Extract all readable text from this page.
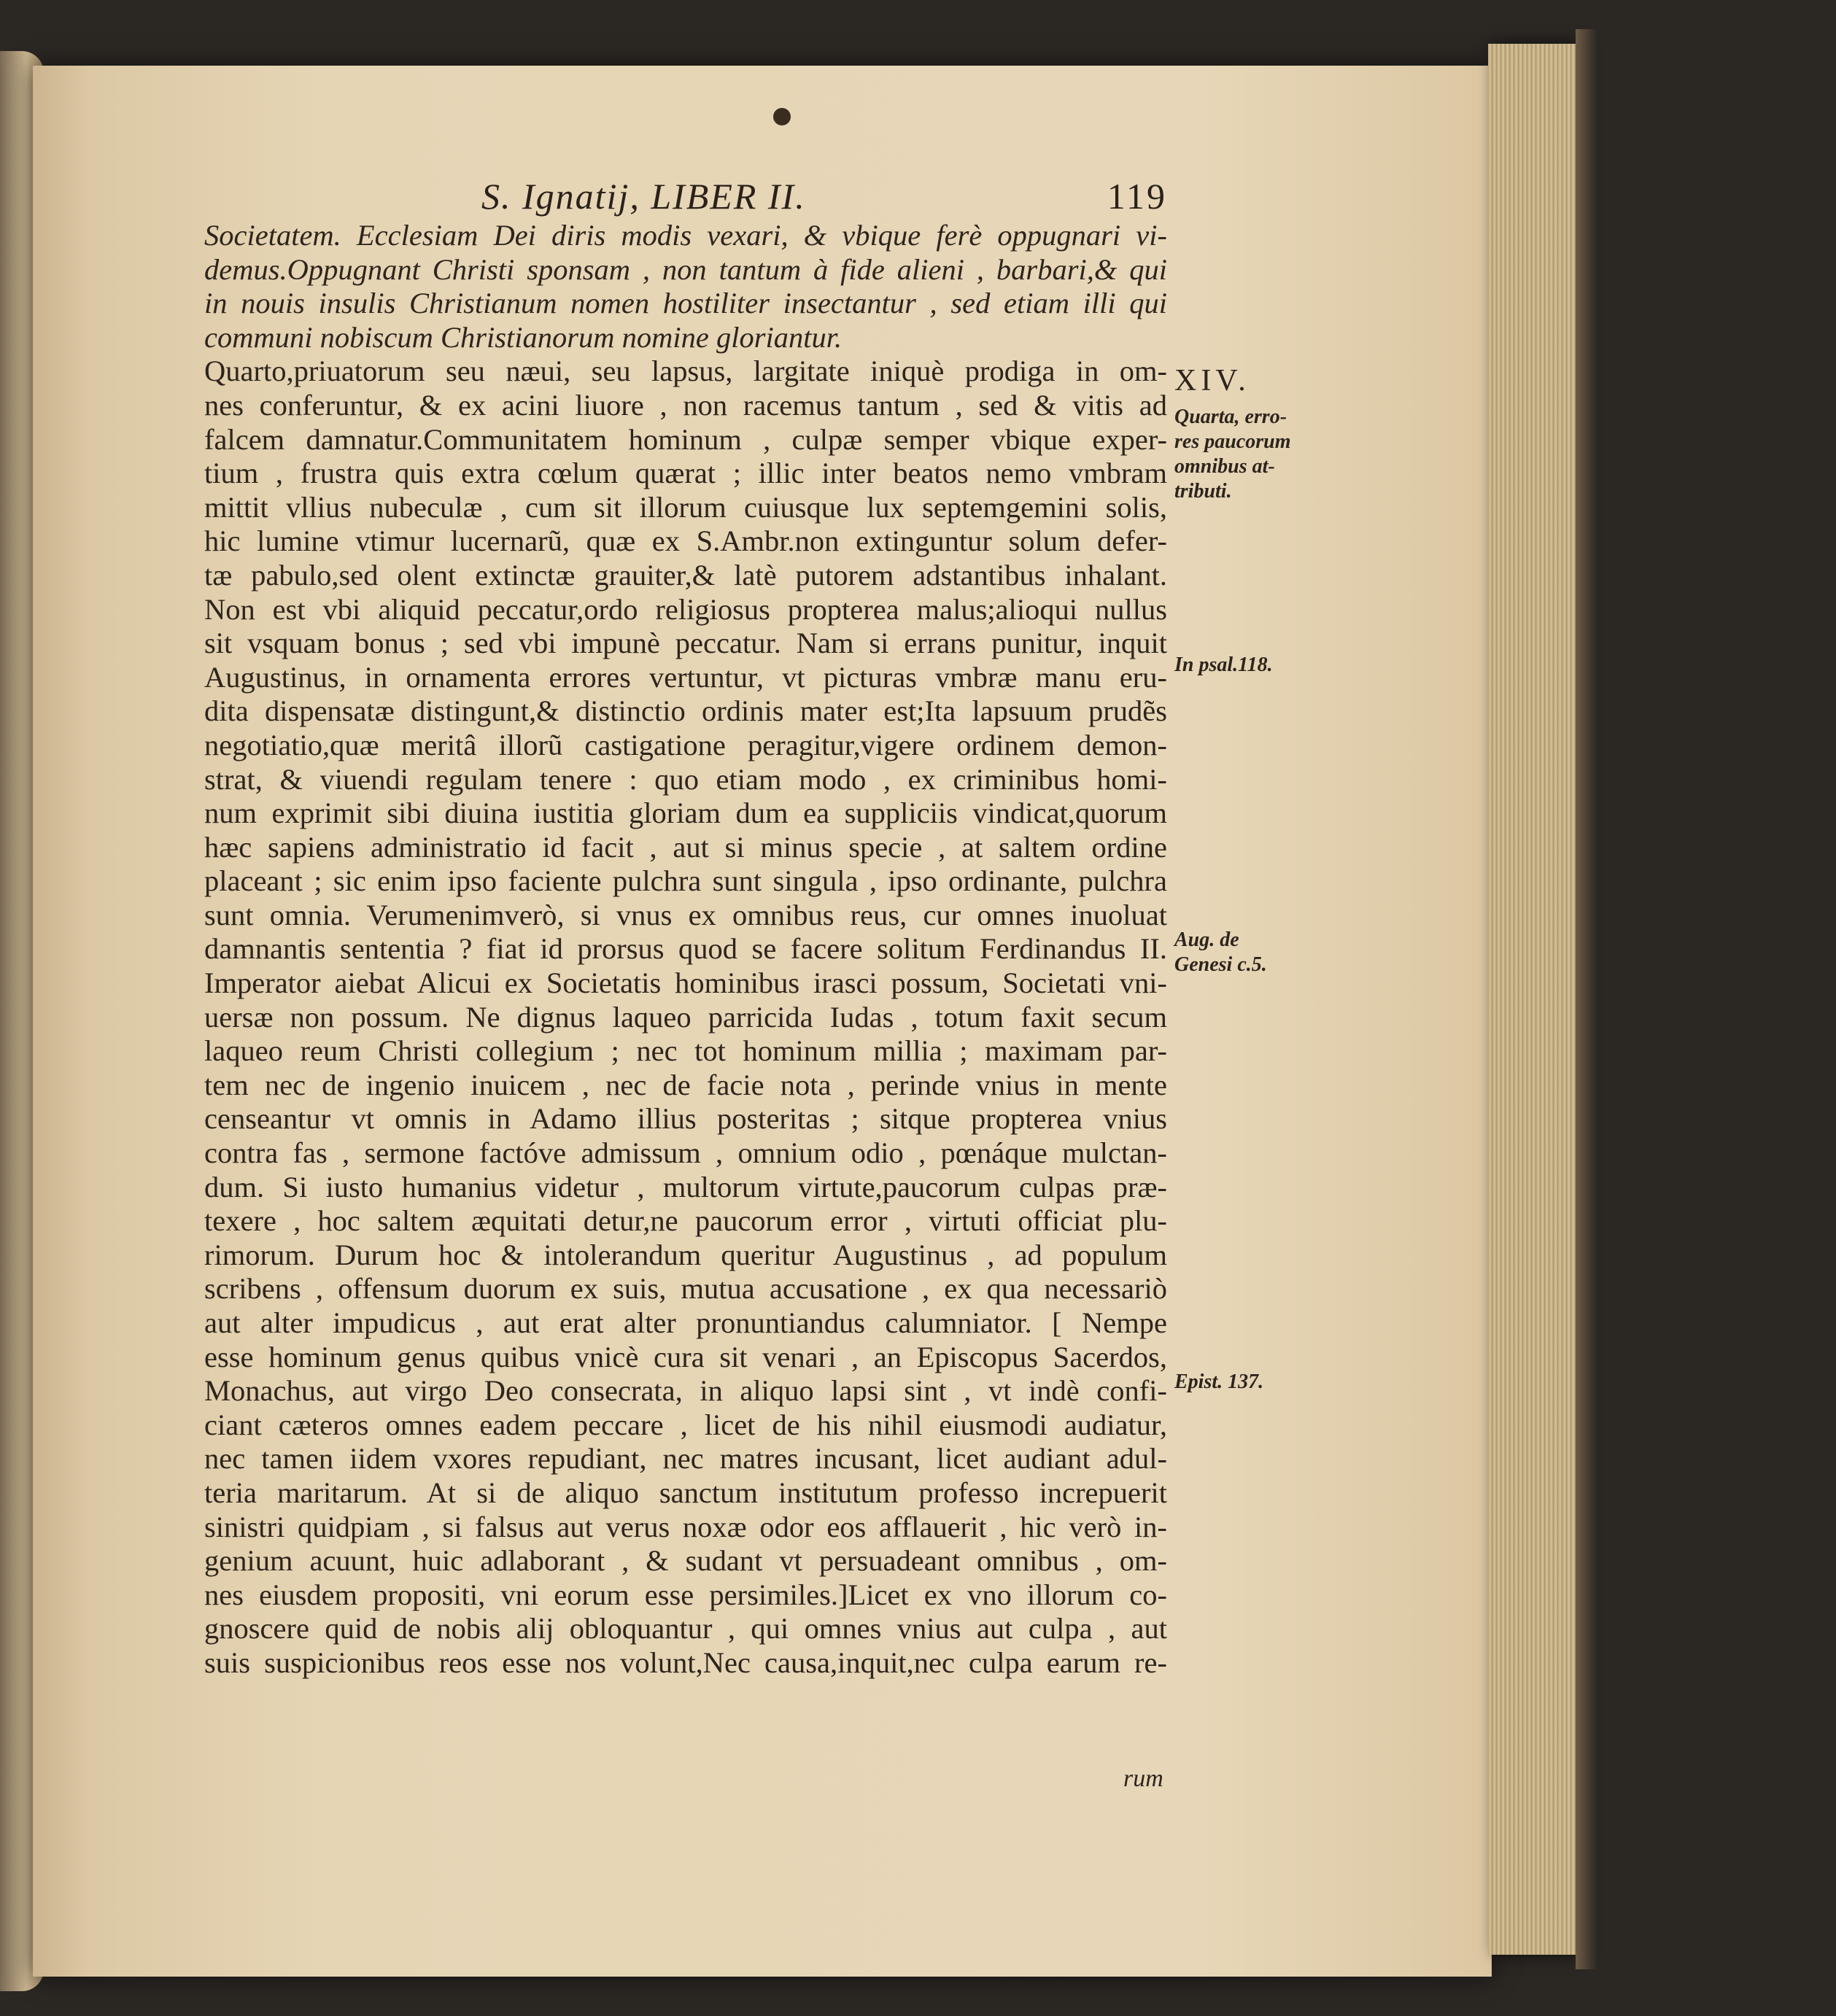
S. Ignatij, LIBER II.	119
Societatem. Ecclesiam Dei diris modis vexari, & vbique ferè oppugnari vi-
demus.Oppugnant Christi sponsam , non tantum à fide alieni , barbari,& qui
in nouis insulis Christianum nomen hostiliter insectantur , sed etiam illi qui
communi nobiscum Christianorum nomine gloriantur.
Quarto,priuatorum seu næui, seu lapsus, largitate iniquè prodiga in om-
nes conferuntur, & ex acini liuore , non racemus tantum , sed & vitis ad
falcem damnatur.Communitatem hominum , culpæ semper vbique exper-
tium , frustra quis extra cœlum quærat ; illic inter beatos nemo vmbram
mittit vllius nubeculæ , cum sit illorum cuiusque lux septemgemini solis,
hic lumine vtimur lucernarũ, quæ ex S.Ambr.non extinguntur solum defer-
tæ pabulo,sed olent extinctæ grauiter,& latè putorem adstantibus inhalant.
Non est vbi aliquid peccatur,ordo religiosus propterea malus;alioqui nullus
sit vsquam bonus ; sed vbi impunè peccatur. Nam si errans punitur, inquit
Augustinus, in ornamenta errores vertuntur, vt picturas vmbræ manu eru-
dita dispensatæ distingunt,& distinctio ordinis mater est;Ita lapsuum prudẽs
negotiatio,quæ meritâ illorũ castigatione peragitur,vigere ordinem demon-
strat, & viuendi regulam tenere : quo etiam modo , ex criminibus homi-
num exprimit sibi diuina iustitia gloriam dum ea suppliciis vindicat,quorum
hæc sapiens administratio id facit , aut si minus specie , at saltem ordine
placeant ; sic enim ipso faciente pulchra sunt singula , ipso ordinante, pulchra
sunt omnia. Verumenimverò, si vnus ex omnibus reus, cur omnes inuoluat
damnantis sententia ? fiat id prorsus quod se facere solitum Ferdinandus II.
Imperator aiebat Alicui ex Societatis hominibus irasci possum, Societati vni-
uersæ non possum. Ne dignus laqueo parricida Iudas , totum faxit secum
laqueo reum Christi collegium ; nec tot hominum millia ; maximam par-
tem nec de ingenio inuicem , nec de facie nota , perinde vnius in mente
censeantur vt omnis in Adamo illius posteritas ; sitque propterea vnius
contra fas , sermone factóve admissum , omnium odio , pœnáque mulctan-
dum. Si iusto humanius videtur , multorum virtute,paucorum culpas præ-
texere , hoc saltem æquitati detur,ne paucorum error , virtuti officiat plu-
rimorum. Durum hoc & intolerandum queritur Augustinus , ad populum
scribens , offensum duorum ex suis, mutua accusatione , ex qua necessariò
aut alter impudicus , aut erat alter pronuntiandus calumniator. [ Nempe
esse hominum genus quibus vnicè cura sit venari , an Episcopus Sacerdos,
Monachus, aut virgo Deo consecrata, in aliquo lapsi sint , vt indè confi-
ciant cæteros omnes eadem peccare , licet de his nihil eiusmodi audiatur,
nec tamen iidem vxores repudiant, nec matres incusant, licet audiant adul-
teria maritarum. At si de aliquo sanctum institutum professo increpuerit
sinistri quidpiam , si falsus aut verus noxæ odor eos afflauerit , hic verò in-
genium acuunt, huic adlaborant , & sudant vt persuadeant omnibus , om-
nes eiusdem propositi, vni eorum esse persimiles.]Licet ex vno illorum co-
gnoscere quid de nobis alij obloquantur , qui omnes vnius aut culpa , aut
suis suspicionibus reos esse nos volunt,Nec causa,inquit,nec culpa earum re-
XIV.
Quarta, erro-
res paucorum
omnibus at-
tributi.
In psal.118.
Aug. de
Genesi c.5.
Epist. 137.
rum
